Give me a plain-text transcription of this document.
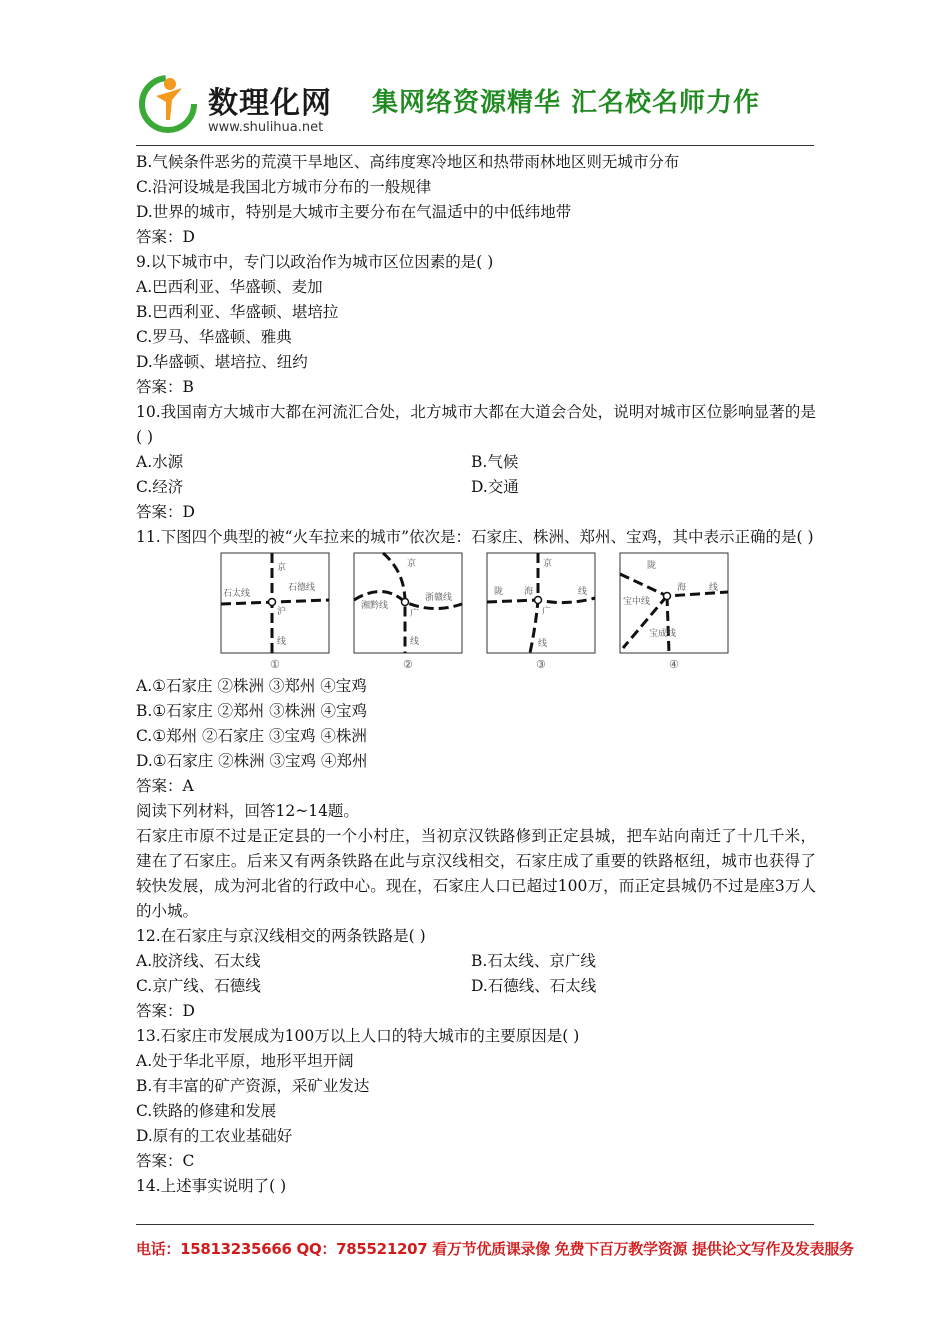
数理化网
www.shulihua.net
集网络资源精华 汇名校名师力作
B.气候条件恶劣的荒漠干旱地区、高纬度寒冷地区和热带雨林地区则无城市分布
C.沿河设城是我国北方城市分布的一般规律
D.世界的城市，特别是大城市主要分布在气温适中的中低纬地带
答案：D
9.以下城市中，专门以政治作为城市区位因素的是( )
A.巴西利亚、华盛顿、麦加
B.巴西利亚、华盛顿、堪培拉
C.罗马、华盛顿、雅典
D.华盛顿、堪培拉、纽约
答案：B
10.我国南方大城市大都在河流汇合处，北方城市大都在大道会合处，说明对城市区位影响显著的是( )
A.水源	B.气候
C.经济	D.交通
答案：D
11.下图四个典型的被“火车拉来的城市”依次是：石家庄、株洲、郑州、宝鸡，其中表示正确的是( )
京
石太线
石德线
沪
线
①
京
湘黔线
浙赣线
广
线
②
京
陇 海	线
广
线
③
陇
海	线
宝中线
宝成线
④
A.①石家庄 ②株洲 ③郑州 ④宝鸡
B.①石家庄 ②郑州 ③株洲 ④宝鸡
C.①郑州 ②石家庄 ③宝鸡 ④株洲
D.①石家庄 ②株洲 ③宝鸡 ④郑州
答案：A
阅读下列材料，回答12~14题。
石家庄市原不过是正定县的一个小村庄，当初京汉铁路修到正定县城，把车站向南迁了十几千米，建在了石家庄。后来又有两条铁路在此与京汉线相交，石家庄成了重要的铁路枢纽，城市也获得了较快发展，成为河北省的行政中心。现在，石家庄人口已超过100万，而正定县城仍不过是座3万人的小城。
12.在石家庄与京汉线相交的两条铁路是( )
A.胶济线、石太线	B.石太线、京广线
C.京广线、石德线	D.石德线、石太线
答案：D
13.石家庄市发展成为100万以上人口的特大城市的主要原因是( )
A.处于华北平原，地形平坦开阔
B.有丰富的矿产资源，采矿业发达
C.铁路的修建和发展
D.原有的工农业基础好
答案：C
14.上述事实说明了( )
电话：15813235666 QQ：785521207 看万节优质课录像 免费下百万教学资源 提供论文写作及发表服务
